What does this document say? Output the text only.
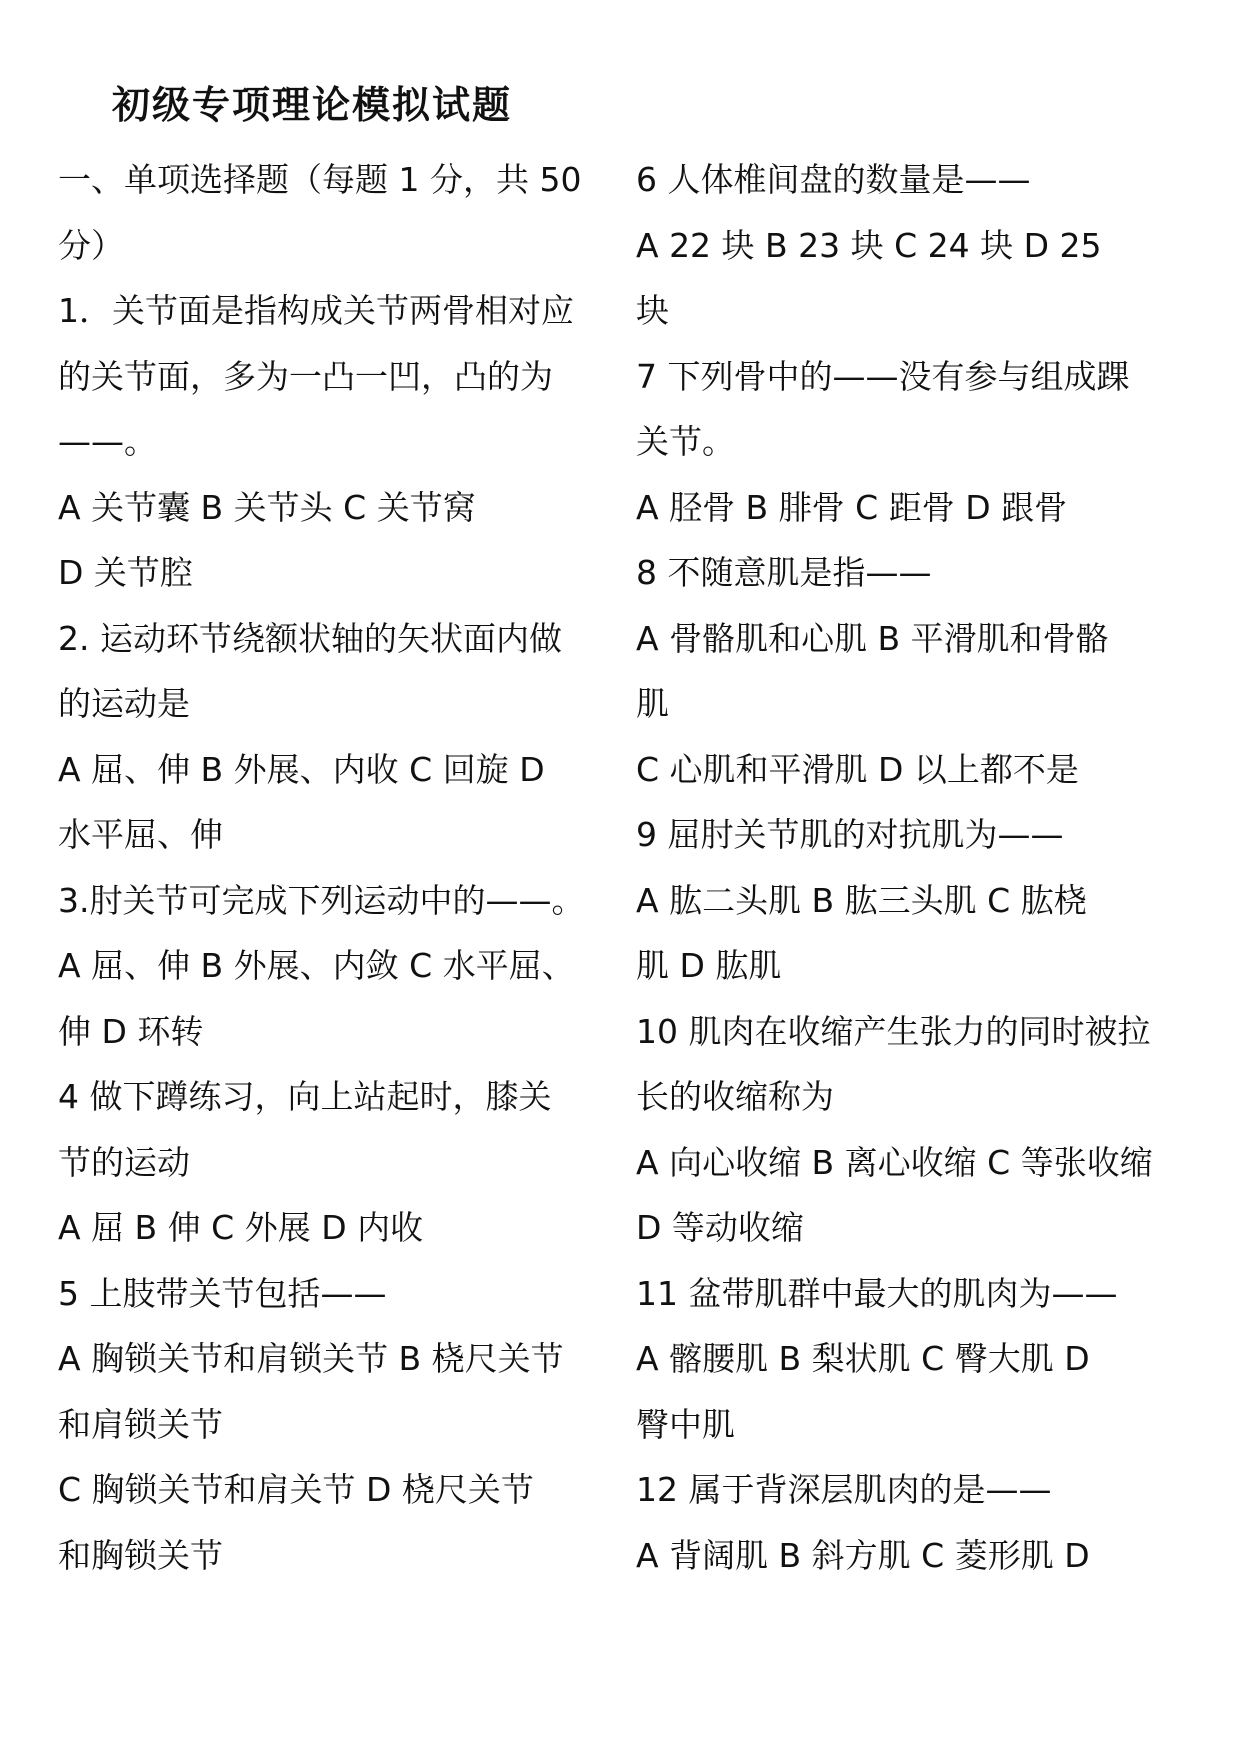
初级专项理论模拟试题
一、单项选择题（每题 1 分，共 50
分）
1．关节面是指构成关节两骨相对应
的关节面，多为一凸一凹，凸的为
——。
A 关节囊 B 关节头 C 关节窝
D 关节腔
2. 运动环节绕额状轴的矢状面内做
的运动是
A 屈、伸 B 外展、内收 C 回旋 D
水平屈、伸
3.肘关节可完成下列运动中的——。
A 屈、伸 B 外展、内敛 C 水平屈、
伸 D 环转
4 做下蹲练习，向上站起时，膝关
节的运动
A 屈 B 伸 C 外展 D 内收
5 上肢带关节包括——
A 胸锁关节和肩锁关节 B 桡尺关节
和肩锁关节
C 胸锁关节和肩关节 D 桡尺关节
和胸锁关节
6 人体椎间盘的数量是——
A 22 块 B 23 块 C 24 块 D 25
块
7 下列骨中的——没有参与组成踝
关节。
A 胫骨 B 腓骨 C 距骨 D 跟骨
8 不随意肌是指——
A 骨骼肌和心肌 B 平滑肌和骨骼
肌
C 心肌和平滑肌 D 以上都不是
9 屈肘关节肌的对抗肌为——
A 肱二头肌 B 肱三头肌 C 肱桡
肌 D 肱肌
10 肌肉在收缩产生张力的同时被拉
长的收缩称为
A 向心收缩 B 离心收缩 C 等张收缩
D 等动收缩
11 盆带肌群中最大的肌肉为——
A 髂腰肌 B 梨状肌 C 臀大肌 D
臀中肌
12 属于背深层肌肉的是——
A 背阔肌 B 斜方肌 C 菱形肌 D
